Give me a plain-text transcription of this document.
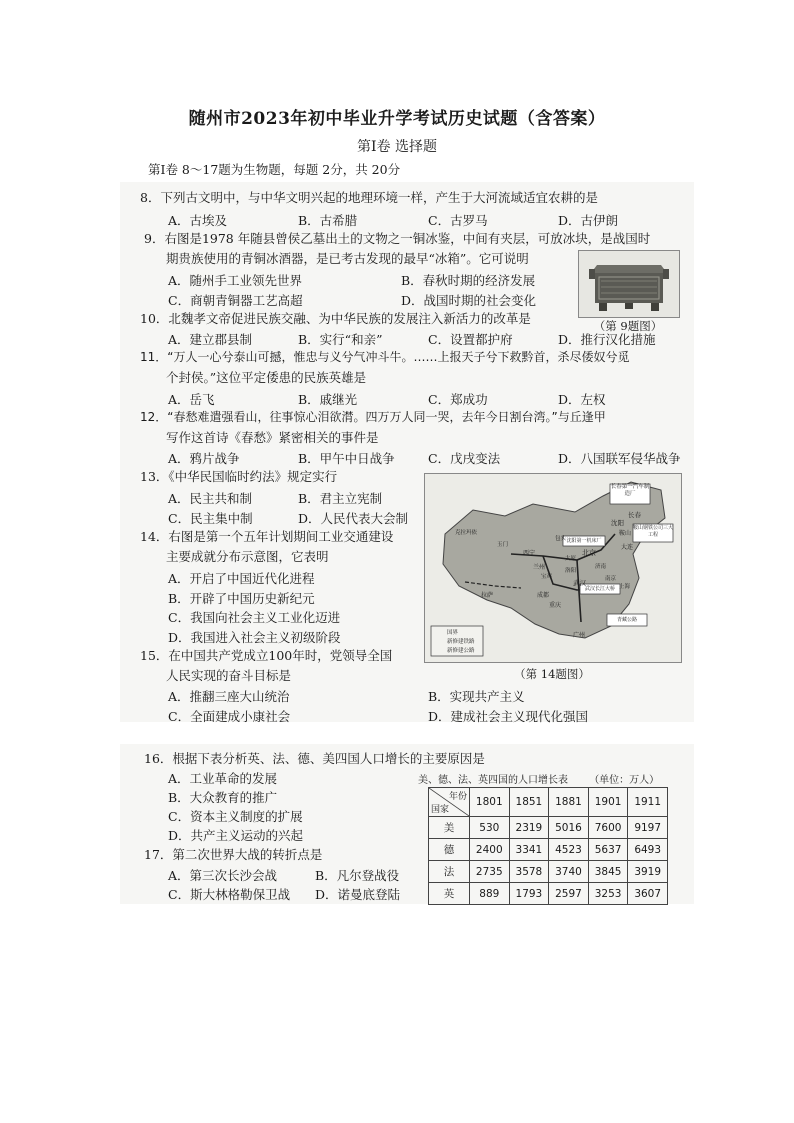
随州市2023年初中毕业升学考试历史试题（含答案）
第Ⅰ卷 选择题
第Ⅰ卷 8～17题为生物题，每题 2分，共 20分
8．下列古文明中，与中华文明兴起的地理环境一样，产生于大河流域适宜农耕的是
A．古埃及	B．古希腊	C．古罗马	D．古伊朗
9．右图是1978 年随县曾侯乙墓出土的文物之一铜冰鉴，中间有夹层，可放冰块，是战国时
期贵族使用的青铜冰酒器，是已考古发现的最早“冰箱”。它可说明
A．随州手工业领先世界	B．春秋时期的经济发展
C．商朝青铜器工艺高超	D．战国时期的社会变化
（第 9题图）
10．北魏孝文帝促进民族交融、为中华民族的发展注入新活力的改革是
A．建立郡县制	B．实行“和亲”	C．设置都护府	D．推行汉化措施
11．“万人一心兮泰山可撼，惟忠与义兮气冲斗牛。……上报天子兮下救黔首，杀尽倭奴兮觅
个封侯。”这位平定倭患的民族英雄是
A．岳飞	B．戚继光	C．郑成功	D．左权
12．“春愁难遣强看山，往事惊心泪欲潸。四万万人同一哭，去年今日割台湾。”与丘逢甲
写作这首诗《春愁》紧密相关的事件是
A．鸦片战争	B．甲午中日战争	C．戊戌变法	D．八国联军侵华战争
13．《中华民国临时约法》规定实行
A．民主共和制	B．君主立宪制
C．民主集中制	D．人民代表大会制
14．右图是第一个五年计划期间工业交通建设
主要成就分布示意图，它表明
A．开启了中国近代化进程
B．开辟了中国历史新纪元
C．我国向社会主义工业化迈进
D．我国进入社会主义初级阶段
长春第一汽车制造厂
沈阳第一机床厂
鞍山钢铁公司三大工程
武汉长江大桥
青藏公路
北京
沈阳
长春
鞍山
大连
西宁
兰州
拉萨	成都
武汉
重庆
广州
包头
济南
南京
上海
太原
洛阳
玉门
宝鸡
克拉玛依
国界
新修建铁路
新修建公路
（第 14题图）
15．在中国共产党成立100年时，党领导全国
人民实现的奋斗目标是
A．推翻三座大山统治	B．实现共产主义
C．全面建成小康社会	D．建成社会主义现代化强国
16．根据下表分析英、法、德、美四国人口增长的主要原因是
A．工业革命的发展
B．大众教育的推广
C．资本主义制度的扩展
D．共产主义运动的兴起
17．第二次世界大战的转折点是
A．第三次长沙会战	B．凡尔登战役
C．斯大林格勒保卫战 D．诺曼底登陆
美、德、法、英四国的人口增长表 （单位：万人）
年份
国家	1801	1851	1881	1901	1911
美	530	2319	5016	7600	9197
德	2400	3341	4523	5637	6493
法	2735	3578	3740	3845	3919
英	889	1793	2597	3253	3607
